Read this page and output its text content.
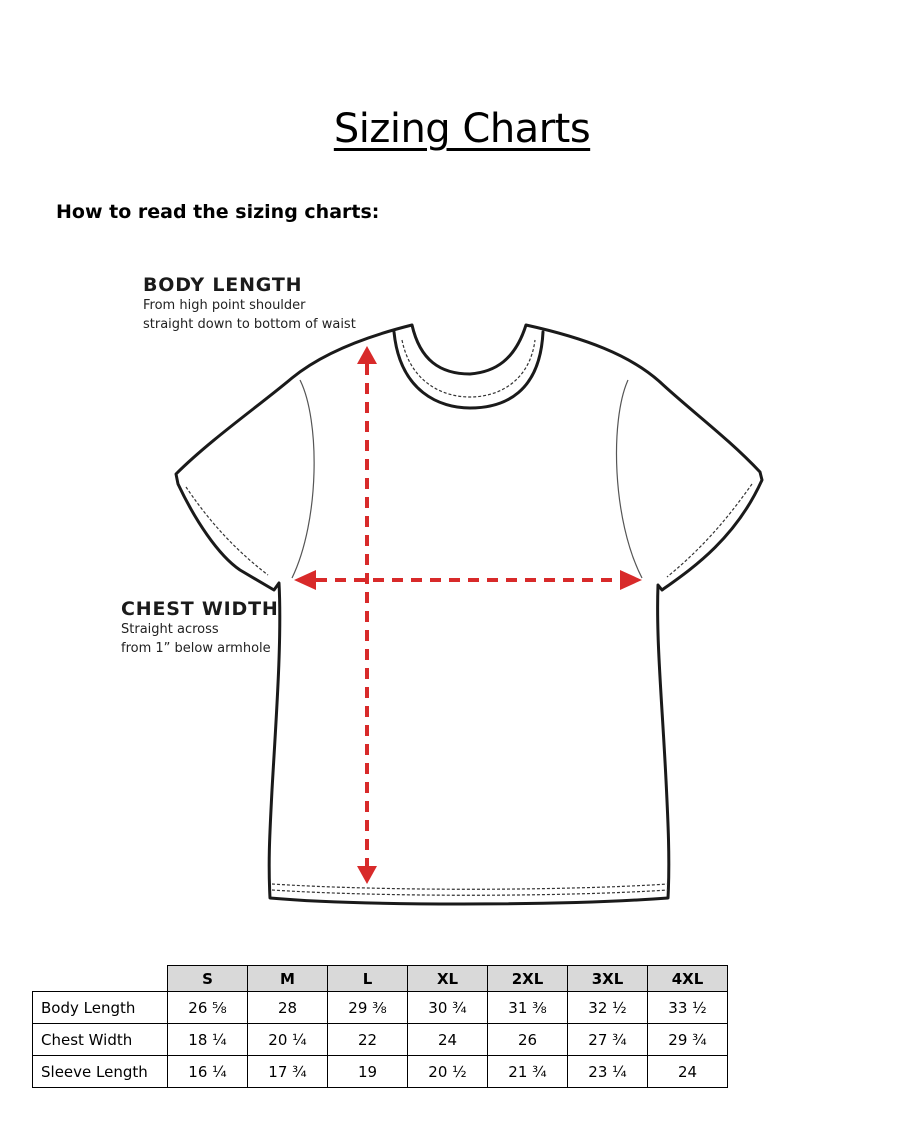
Sizing Charts
How to read the sizing charts:
BODY LENGTH
From high point shoulder
straight down to bottom of waist
CHEST WIDTH
Straight across
from 1” below armhole
	S	M	L	XL	2XL	3XL	4XL
Body Length	26 ⅝	28	29 ⅜	30 ¾	31 ⅜	32 ½	33 ½
Chest Width	18 ¼	20 ¼	22	24	26	27 ¾	29 ¾
Sleeve Length	16 ¼	17 ¾	19	20 ½	21 ¾	23 ¼	24
